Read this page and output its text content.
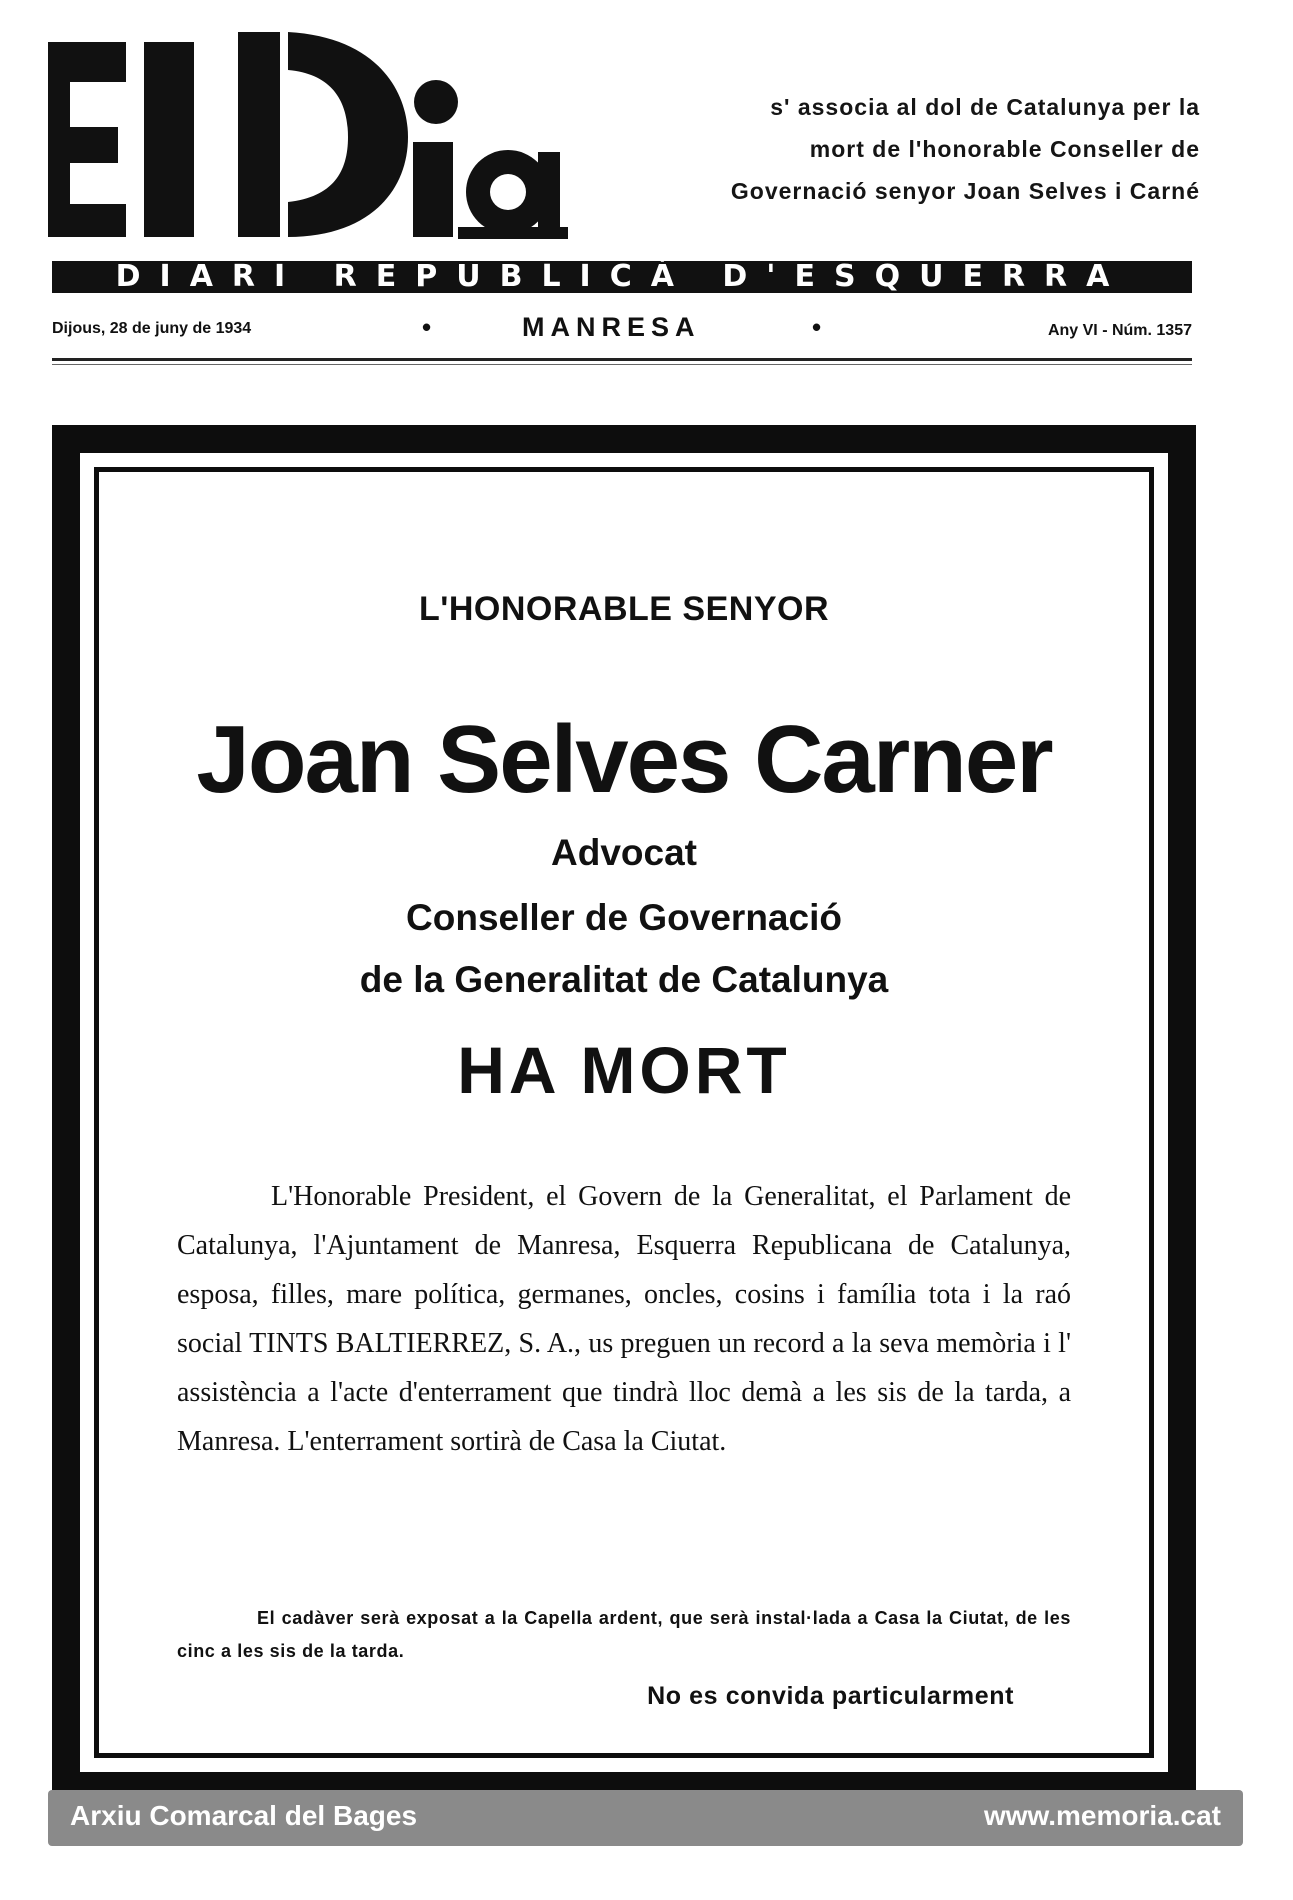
s' associa al dol de Catalunya per la
mort de l'honorable Conseller de
Governació senyor Joan Selves i Carné
DIARI REPUBLICÀ D'ESQUERRA
Dijous, 28 de juny de 1934	•	MANRESA	•	Any VI - Núm. 1357
L'HONORABLE SENYOR
Joan Selves Carner
Advocat
Conseller de Governació
de la Generalitat de Catalunya
HA MORT
L'Honorable President, el Govern de la Generalitat, el Parlament de Catalunya, l'Ajuntament de Manresa, Esquerra Republicana de Catalunya, esposa, filles, mare política, germanes, oncles, cosins i família tota i la raó social TINTS BALTIERREZ, S. A., us preguen un record a la seva memòria i l' assistència a l'acte d'enterrament que tindrà lloc demà a les sis de la tarda, a Manresa. L'enterrament sortirà de Casa la Ciutat.
El cadàver serà exposat a la Capella ardent, que serà instal·lada a Casa la Ciutat, de les cinc a les sis de la tarda.
No es convida particularment
Arxiu Comarcal del Bages	www.memoria.cat
